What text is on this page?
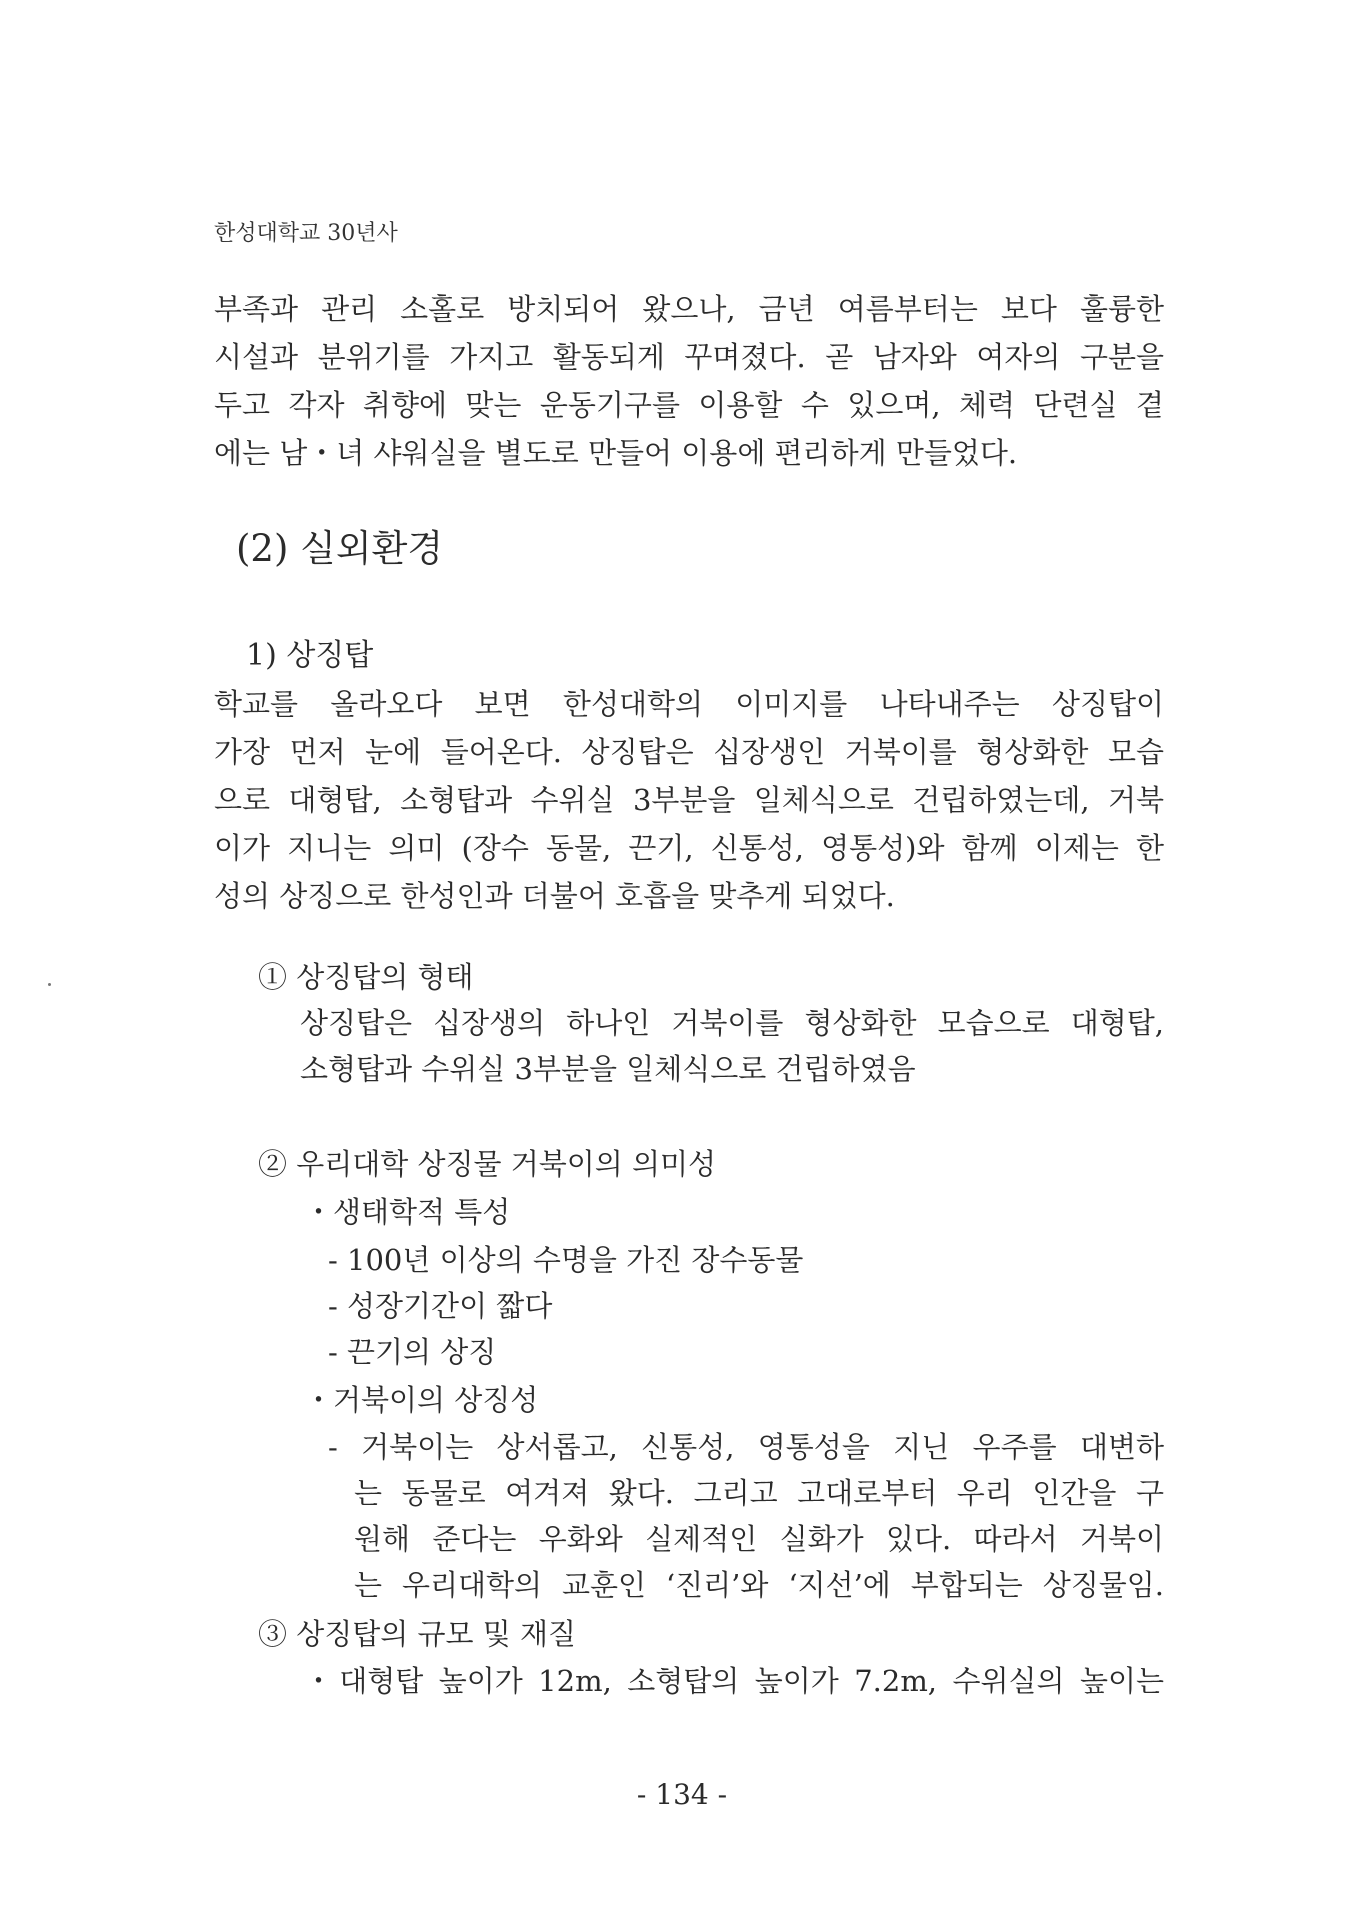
한성대학교 30년사
부족과 관리 소홀로 방치되어 왔으나, 금년 여름부터는 보다 훌륭한
시설과 분위기를 가지고 활동되게 꾸며졌다. 곧 남자와 여자의 구분을
두고 각자 취향에 맞는 운동기구를 이용할 수 있으며, 체력 단련실 곁
에는 남・녀 샤워실을 별도로 만들어 이용에 편리하게 만들었다.
(2) 실외환경
1) 상징탑
학교를 올라오다 보면 한성대학의 이미지를 나타내주는 상징탑이
가장 먼저 눈에 들어온다. 상징탑은 십장생인 거북이를 형상화한 모습
으로 대형탑, 소형탑과 수위실 3부분을 일체식으로 건립하였는데, 거북
이가 지니는 의미 (장수 동물, 끈기, 신통성, 영통성)와 함께 이제는 한
성의 상징으로 한성인과 더불어 호흡을 맞추게 되었다.
① 상징탑의 형태
상징탑은 십장생의 하나인 거북이를 형상화한 모습으로 대형탑,
소형탑과 수위실 3부분을 일체식으로 건립하였음
② 우리대학 상징물 거북이의 의미성
・생태학적 특성
- 100년 이상의 수명을 가진 장수동물
- 성장기간이 짧다
- 끈기의 상징
・거북이의 상징성
- 거북이는 상서롭고, 신통성, 영통성을 지닌 우주를 대변하
는 동물로 여겨져 왔다. 그리고 고대로부터 우리 인간을 구
원해 준다는 우화와 실제적인 실화가 있다. 따라서 거북이
는 우리대학의 교훈인 ‘진리’와 ‘지선’에 부합되는 상징물임.
③ 상징탑의 규모 및 재질
・대형탑 높이가 12m, 소형탑의 높이가 7.2m, 수위실의 높이는
- 134 -
